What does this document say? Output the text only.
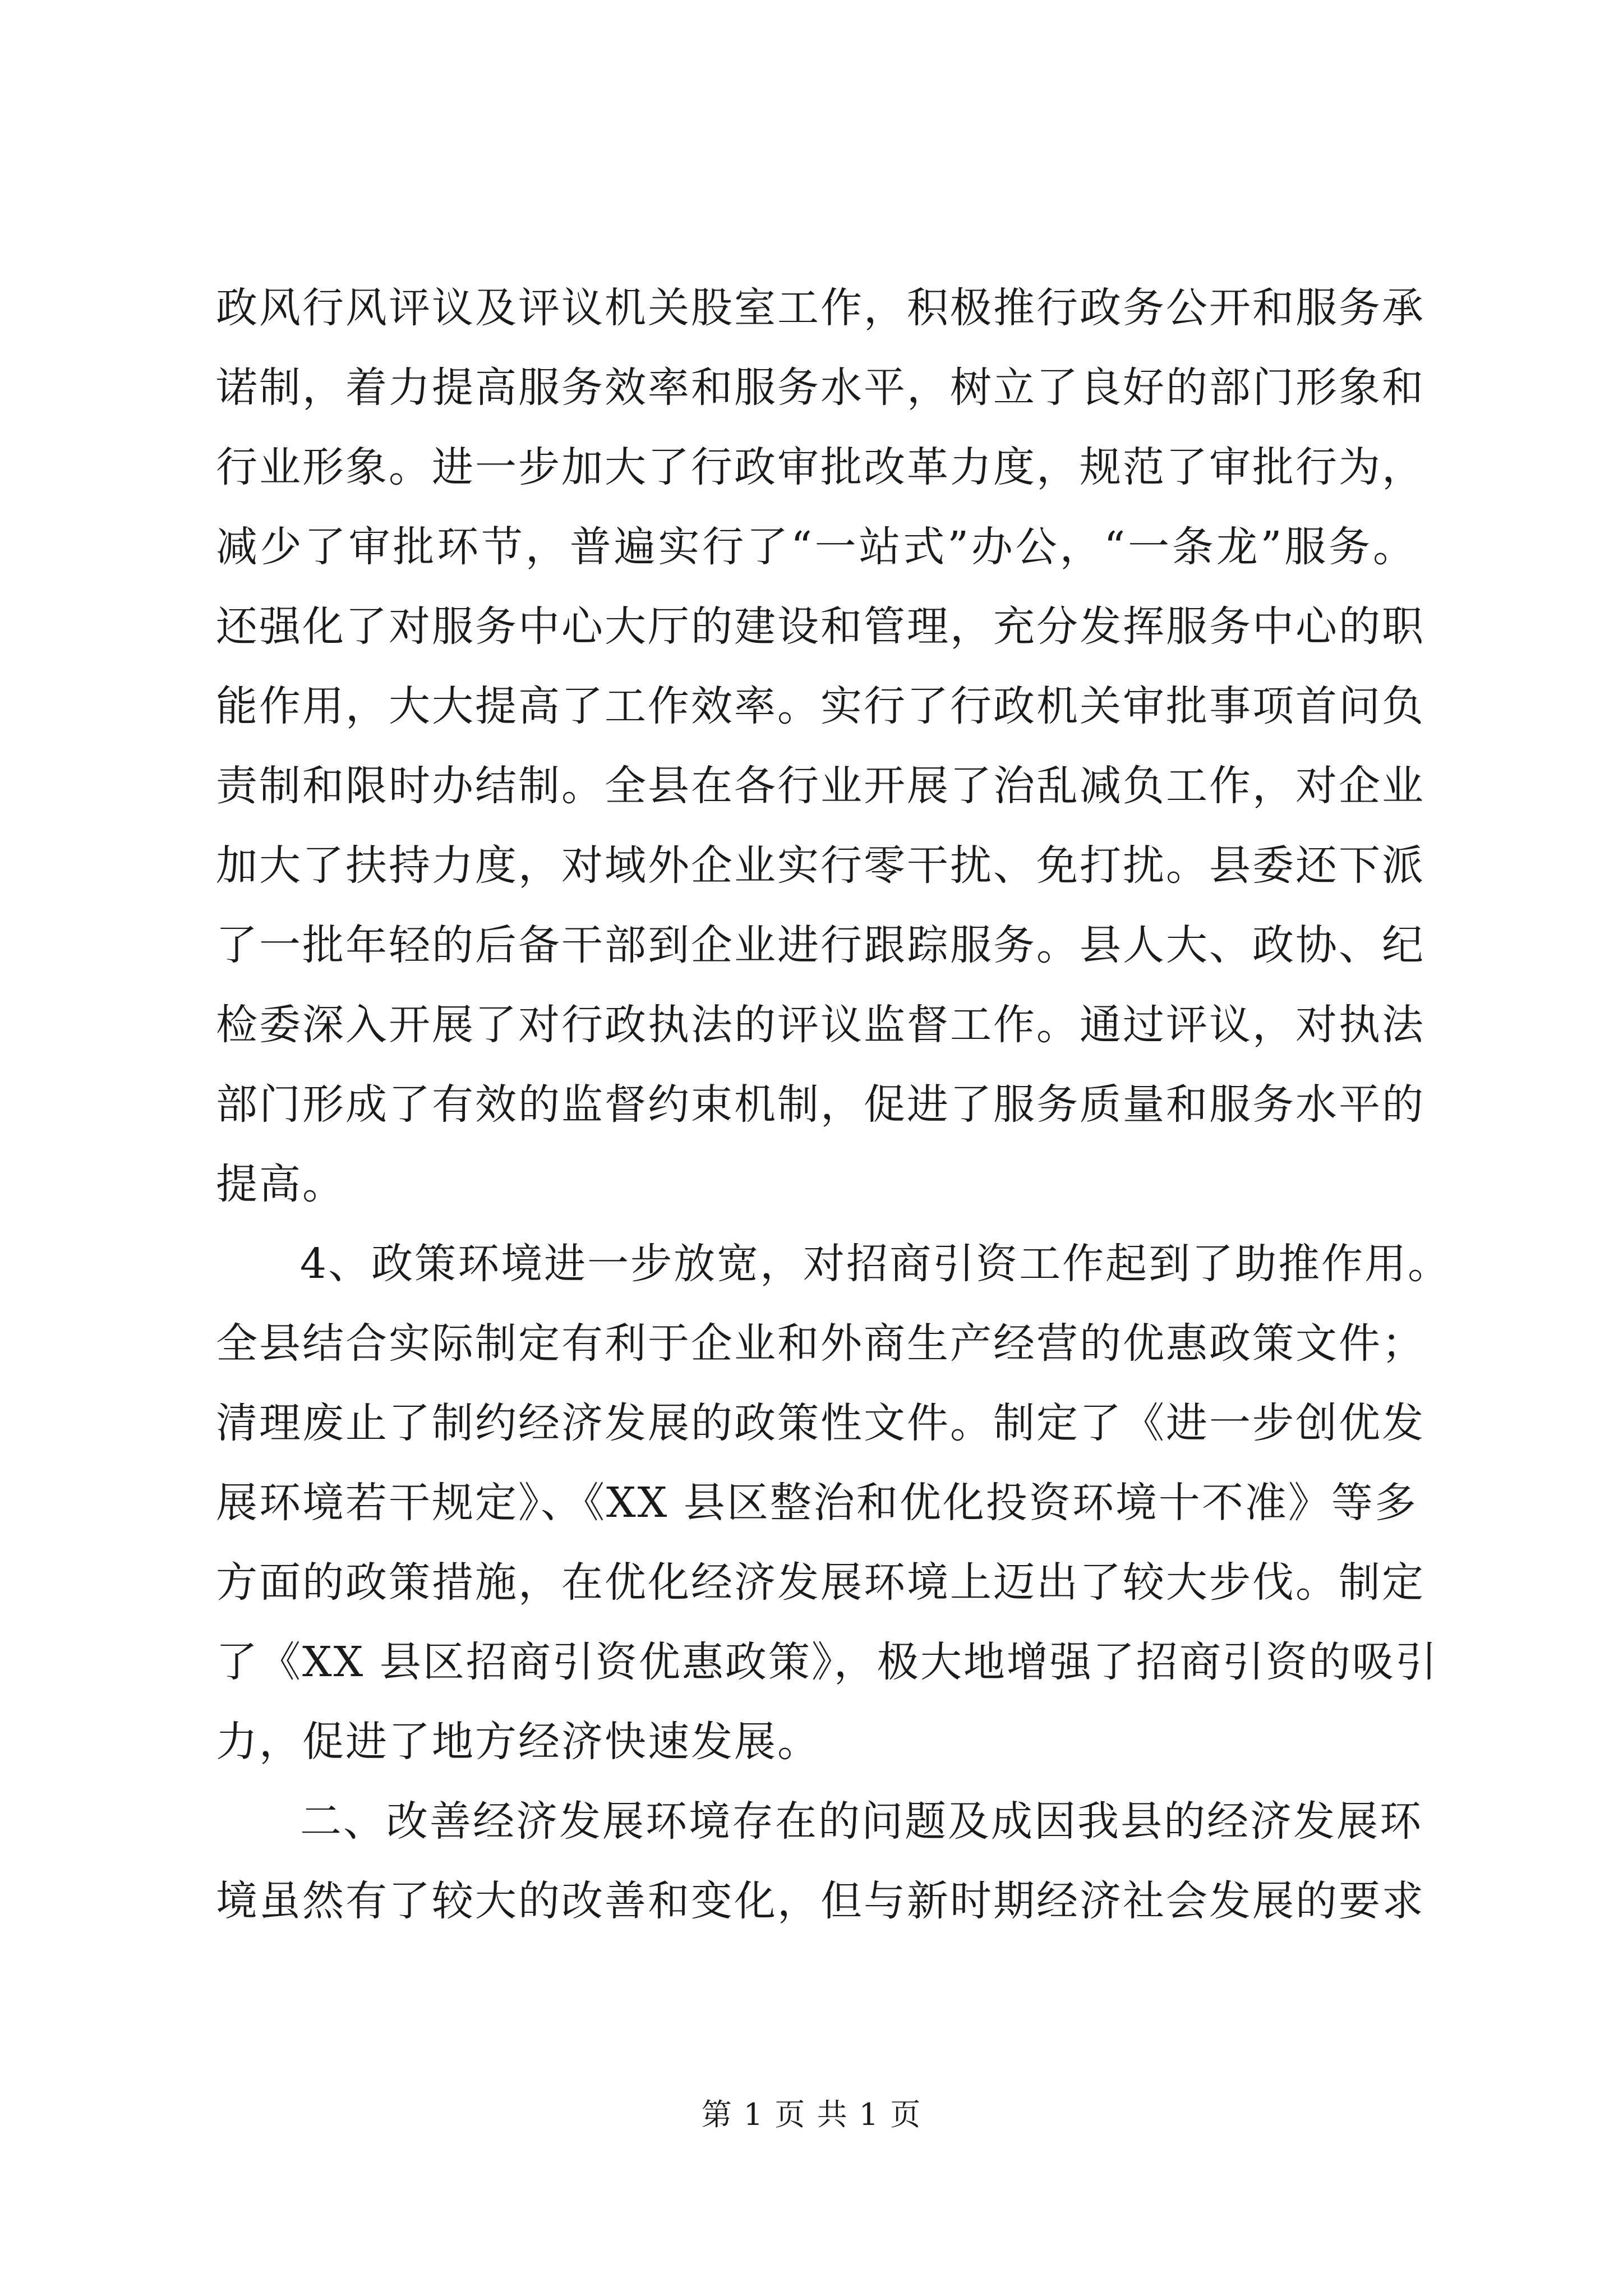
政风行风评议及评议机关股室工作，积极推行政务公开和服务承
诺制，着力提高服务效率和服务水平，树立了良好的部门形象和
行业形象。进一步加大了行政审批改革力度，规范了审批行为，
减少了审批环节，普遍实行了“一站式”办公，“一条龙”服务。
还强化了对服务中心大厅的建设和管理，充分发挥服务中心的职
能作用，大大提高了工作效率。实行了行政机关审批事项首问负
责制和限时办结制。全县在各行业开展了治乱减负工作，对企业
加大了扶持力度，对域外企业实行零干扰、免打扰。县委还下派
了一批年轻的后备干部到企业进行跟踪服务。县人大、政协、纪
检委深入开展了对行政执法的评议监督工作。通过评议，对执法
部门形成了有效的监督约束机制，促进了服务质量和服务水平的
提高。

4、政策环境进一步放宽，对招商引资工作起到了助推作用。
全县结合实际制定有利于企业和外商生产经营的优惠政策文件；
清理废止了制约经济发展的政策性文件。制定了《进一步创优发
展环境若干规定》、《XX 县区整治和优化投资环境十不准》等多
方面的政策措施，在优化经济发展环境上迈出了较大步伐。制定
了《XX 县区招商引资优惠政策》，极大地增强了招商引资的吸引
力，促进了地方经济快速发展。

二、改善经济发展环境存在的问题及成因我县的经济发展环
境虽然有了较大的改善和变化，但与新时期经济社会发展的要求

第 1 页 共 1 页
